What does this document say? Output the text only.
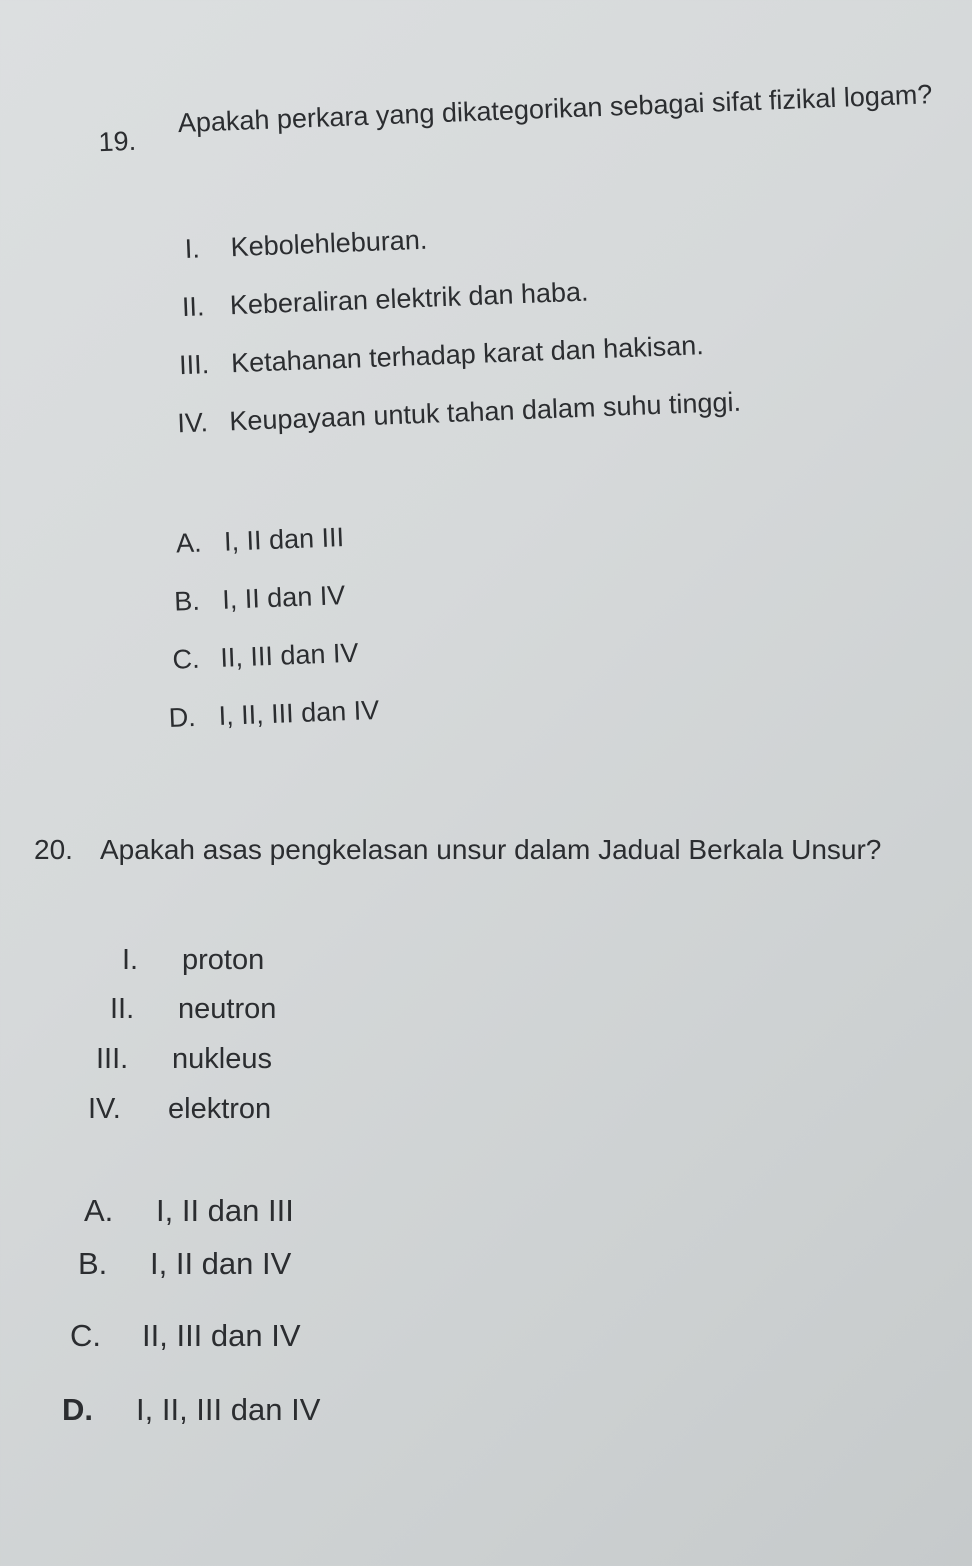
19.
Apakah perkara yang dikategorikan sebagai sifat fizikal logam?
I. Kebolehleburan.
II. Keberaliran elektrik dan haba.
III. Ketahanan terhadap karat dan hakisan.
IV. Keupayaan untuk tahan dalam suhu tinggi.
A. I, II dan III
B. I, II dan IV
C. II, III dan IV
D. I, II, III dan IV
20. Apakah asas pengkelasan unsur dalam Jadual Berkala Unsur?
I. proton
II. neutron
III. nukleus
IV. elektron
A. I, II dan III
B. I, II dan IV
C. II, III dan IV
D. I, II, III dan IV
